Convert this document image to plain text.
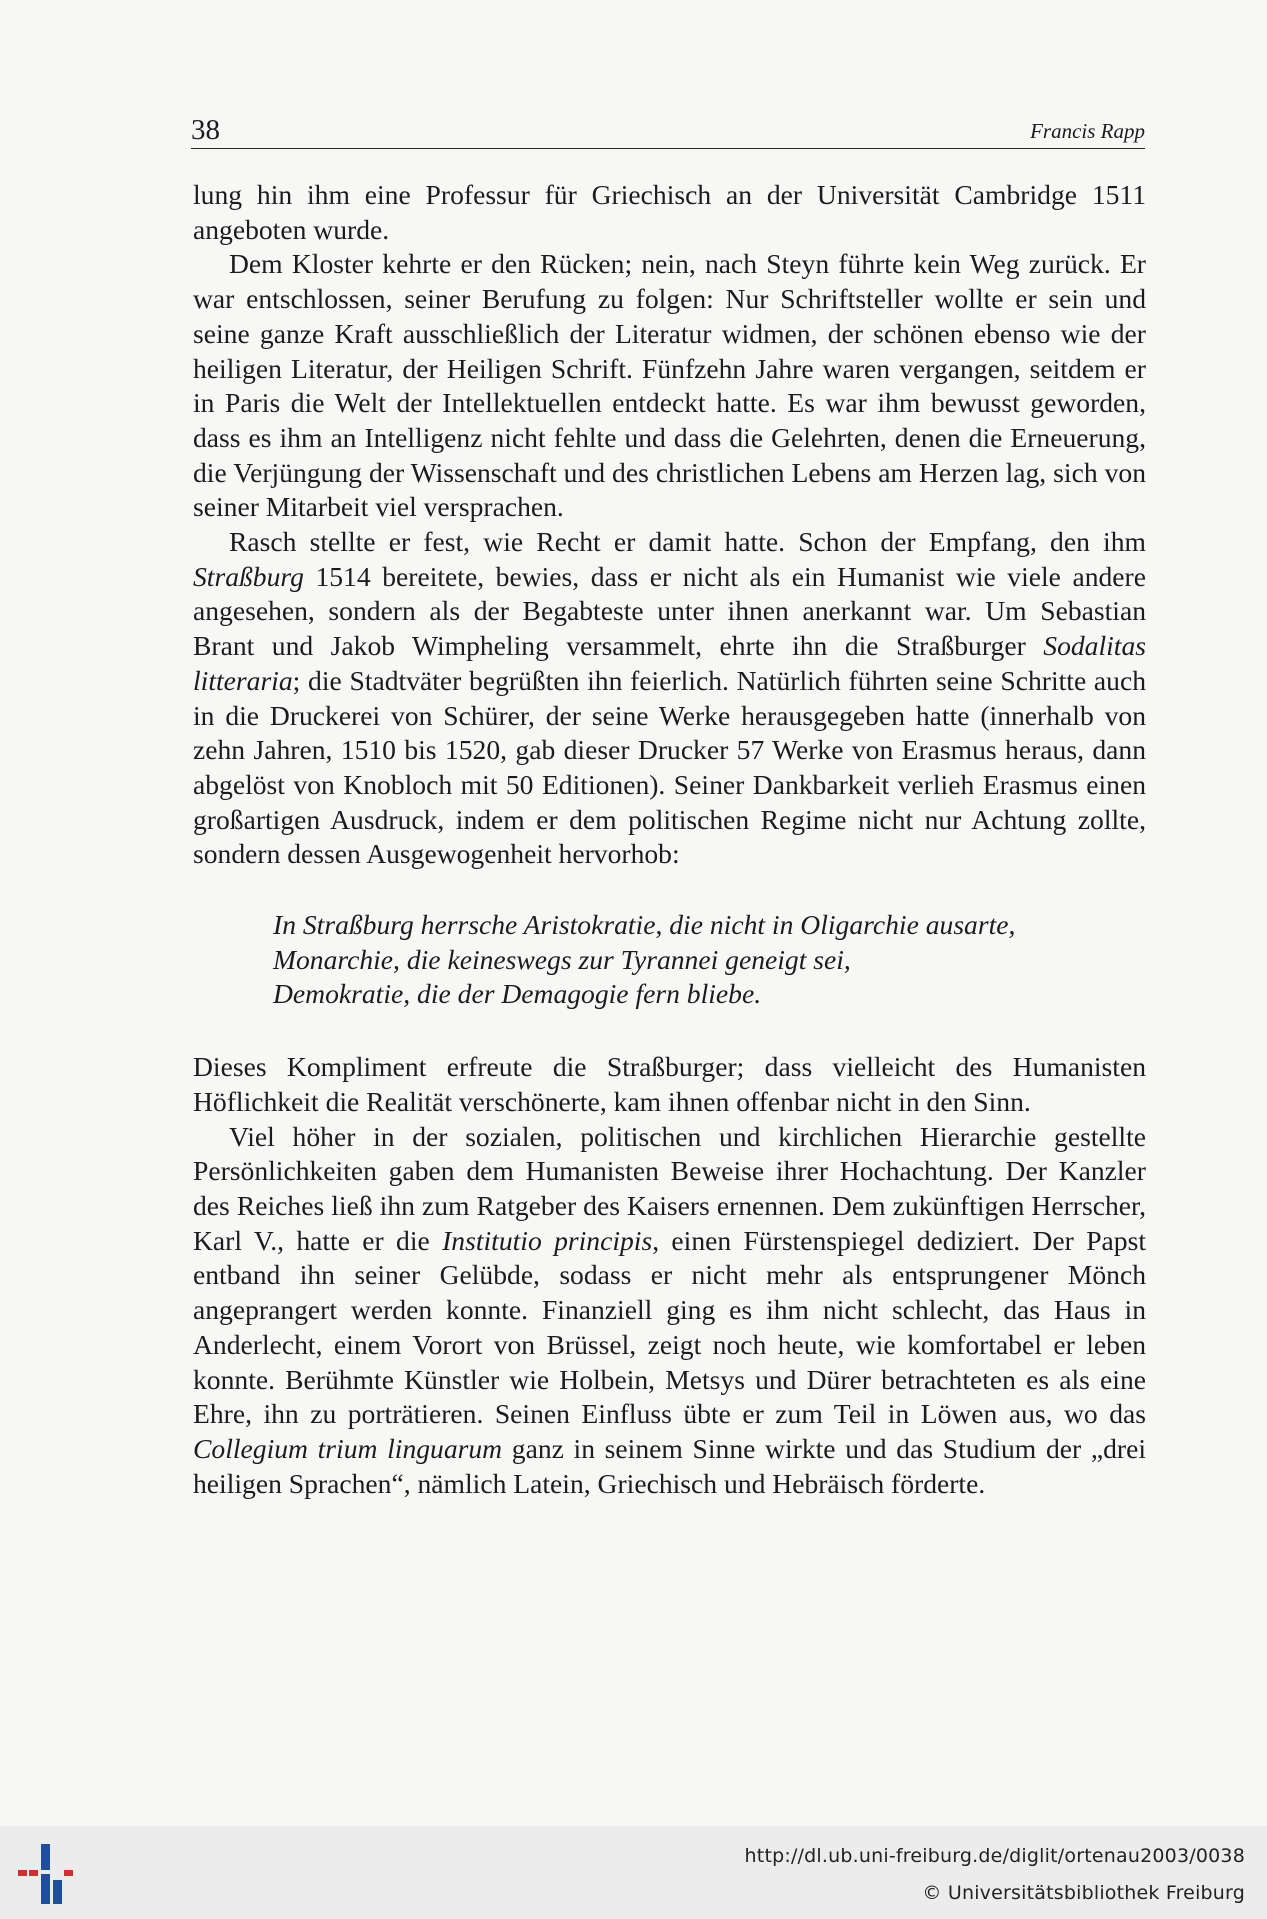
38	Francis Rapp

lung hin ihm eine Professur für Griechisch an der Universität Cambridge 1511 angeboten wurde.

Dem Kloster kehrte er den Rücken; nein, nach Steyn führte kein Weg zurück. Er war entschlossen, seiner Berufung zu folgen: Nur Schriftsteller wollte er sein und seine ganze Kraft ausschließlich der Literatur widmen, der schönen ebenso wie der heiligen Literatur, der Heiligen Schrift. Fünfzehn Jahre waren vergangen, seitdem er in Paris die Welt der Intellektuellen entdeckt hatte. Es war ihm bewusst geworden, dass es ihm an Intelligenz nicht fehlte und dass die Gelehrten, denen die Erneuerung, die Verjüngung der Wissenschaft und des christlichen Lebens am Herzen lag, sich von seiner Mitarbeit viel versprachen.

Rasch stellte er fest, wie Recht er damit hatte. Schon der Empfang, den ihm Straßburg 1514 bereitete, bewies, dass er nicht als ein Humanist wie viele andere angesehen, sondern als der Begabteste unter ihnen anerkannt war. Um Sebastian Brant und Jakob Wimpheling versammelt, ehrte ihn die Straßburger Sodalitas litteraria; die Stadtväter begrüßten ihn feierlich. Natürlich führten seine Schritte auch in die Druckerei von Schürer, der seine Werke herausgegeben hatte (innerhalb von zehn Jahren, 1510 bis 1520, gab dieser Drucker 57 Werke von Erasmus heraus, dann abgelöst von Knobloch mit 50 Editionen). Seiner Dankbarkeit verlieh Erasmus einen großartigen Ausdruck, indem er dem politischen Regime nicht nur Achtung zollte, sondern dessen Ausgewogenheit hervorhob:

In Straßburg herrsche Aristokratie, die nicht in Oligarchie ausarte,
Monarchie, die keineswegs zur Tyrannei geneigt sei,
Demokratie, die der Demagogie fern bliebe.

Dieses Kompliment erfreute die Straßburger; dass vielleicht des Humanisten Höflichkeit die Realität verschönerte, kam ihnen offenbar nicht in den Sinn.

Viel höher in der sozialen, politischen und kirchlichen Hierarchie gestellte Persönlichkeiten gaben dem Humanisten Beweise ihrer Hochachtung. Der Kanzler des Reiches ließ ihn zum Ratgeber des Kaisers ernennen. Dem zukünftigen Herrscher, Karl V., hatte er die Institutio principis, einen Fürstenspiegel dediziert. Der Papst entband ihn seiner Gelübde, sodass er nicht mehr als entsprungener Mönch angeprangert werden konnte. Finanziell ging es ihm nicht schlecht, das Haus in Anderlecht, einem Vorort von Brüssel, zeigt noch heute, wie komfortabel er leben konnte. Berühmte Künstler wie Holbein, Metsys und Dürer betrachteten es als eine Ehre, ihn zu porträtieren. Seinen Einfluss übte er zum Teil in Löwen aus, wo das Collegium trium linguarum ganz in seinem Sinne wirkte und das Studium der „drei heiligen Sprachen“, nämlich Latein, Griechisch und Hebräisch förderte.

http://dl.ub.uni-freiburg.de/diglit/ortenau2003/0038
© Universitätsbibliothek Freiburg
